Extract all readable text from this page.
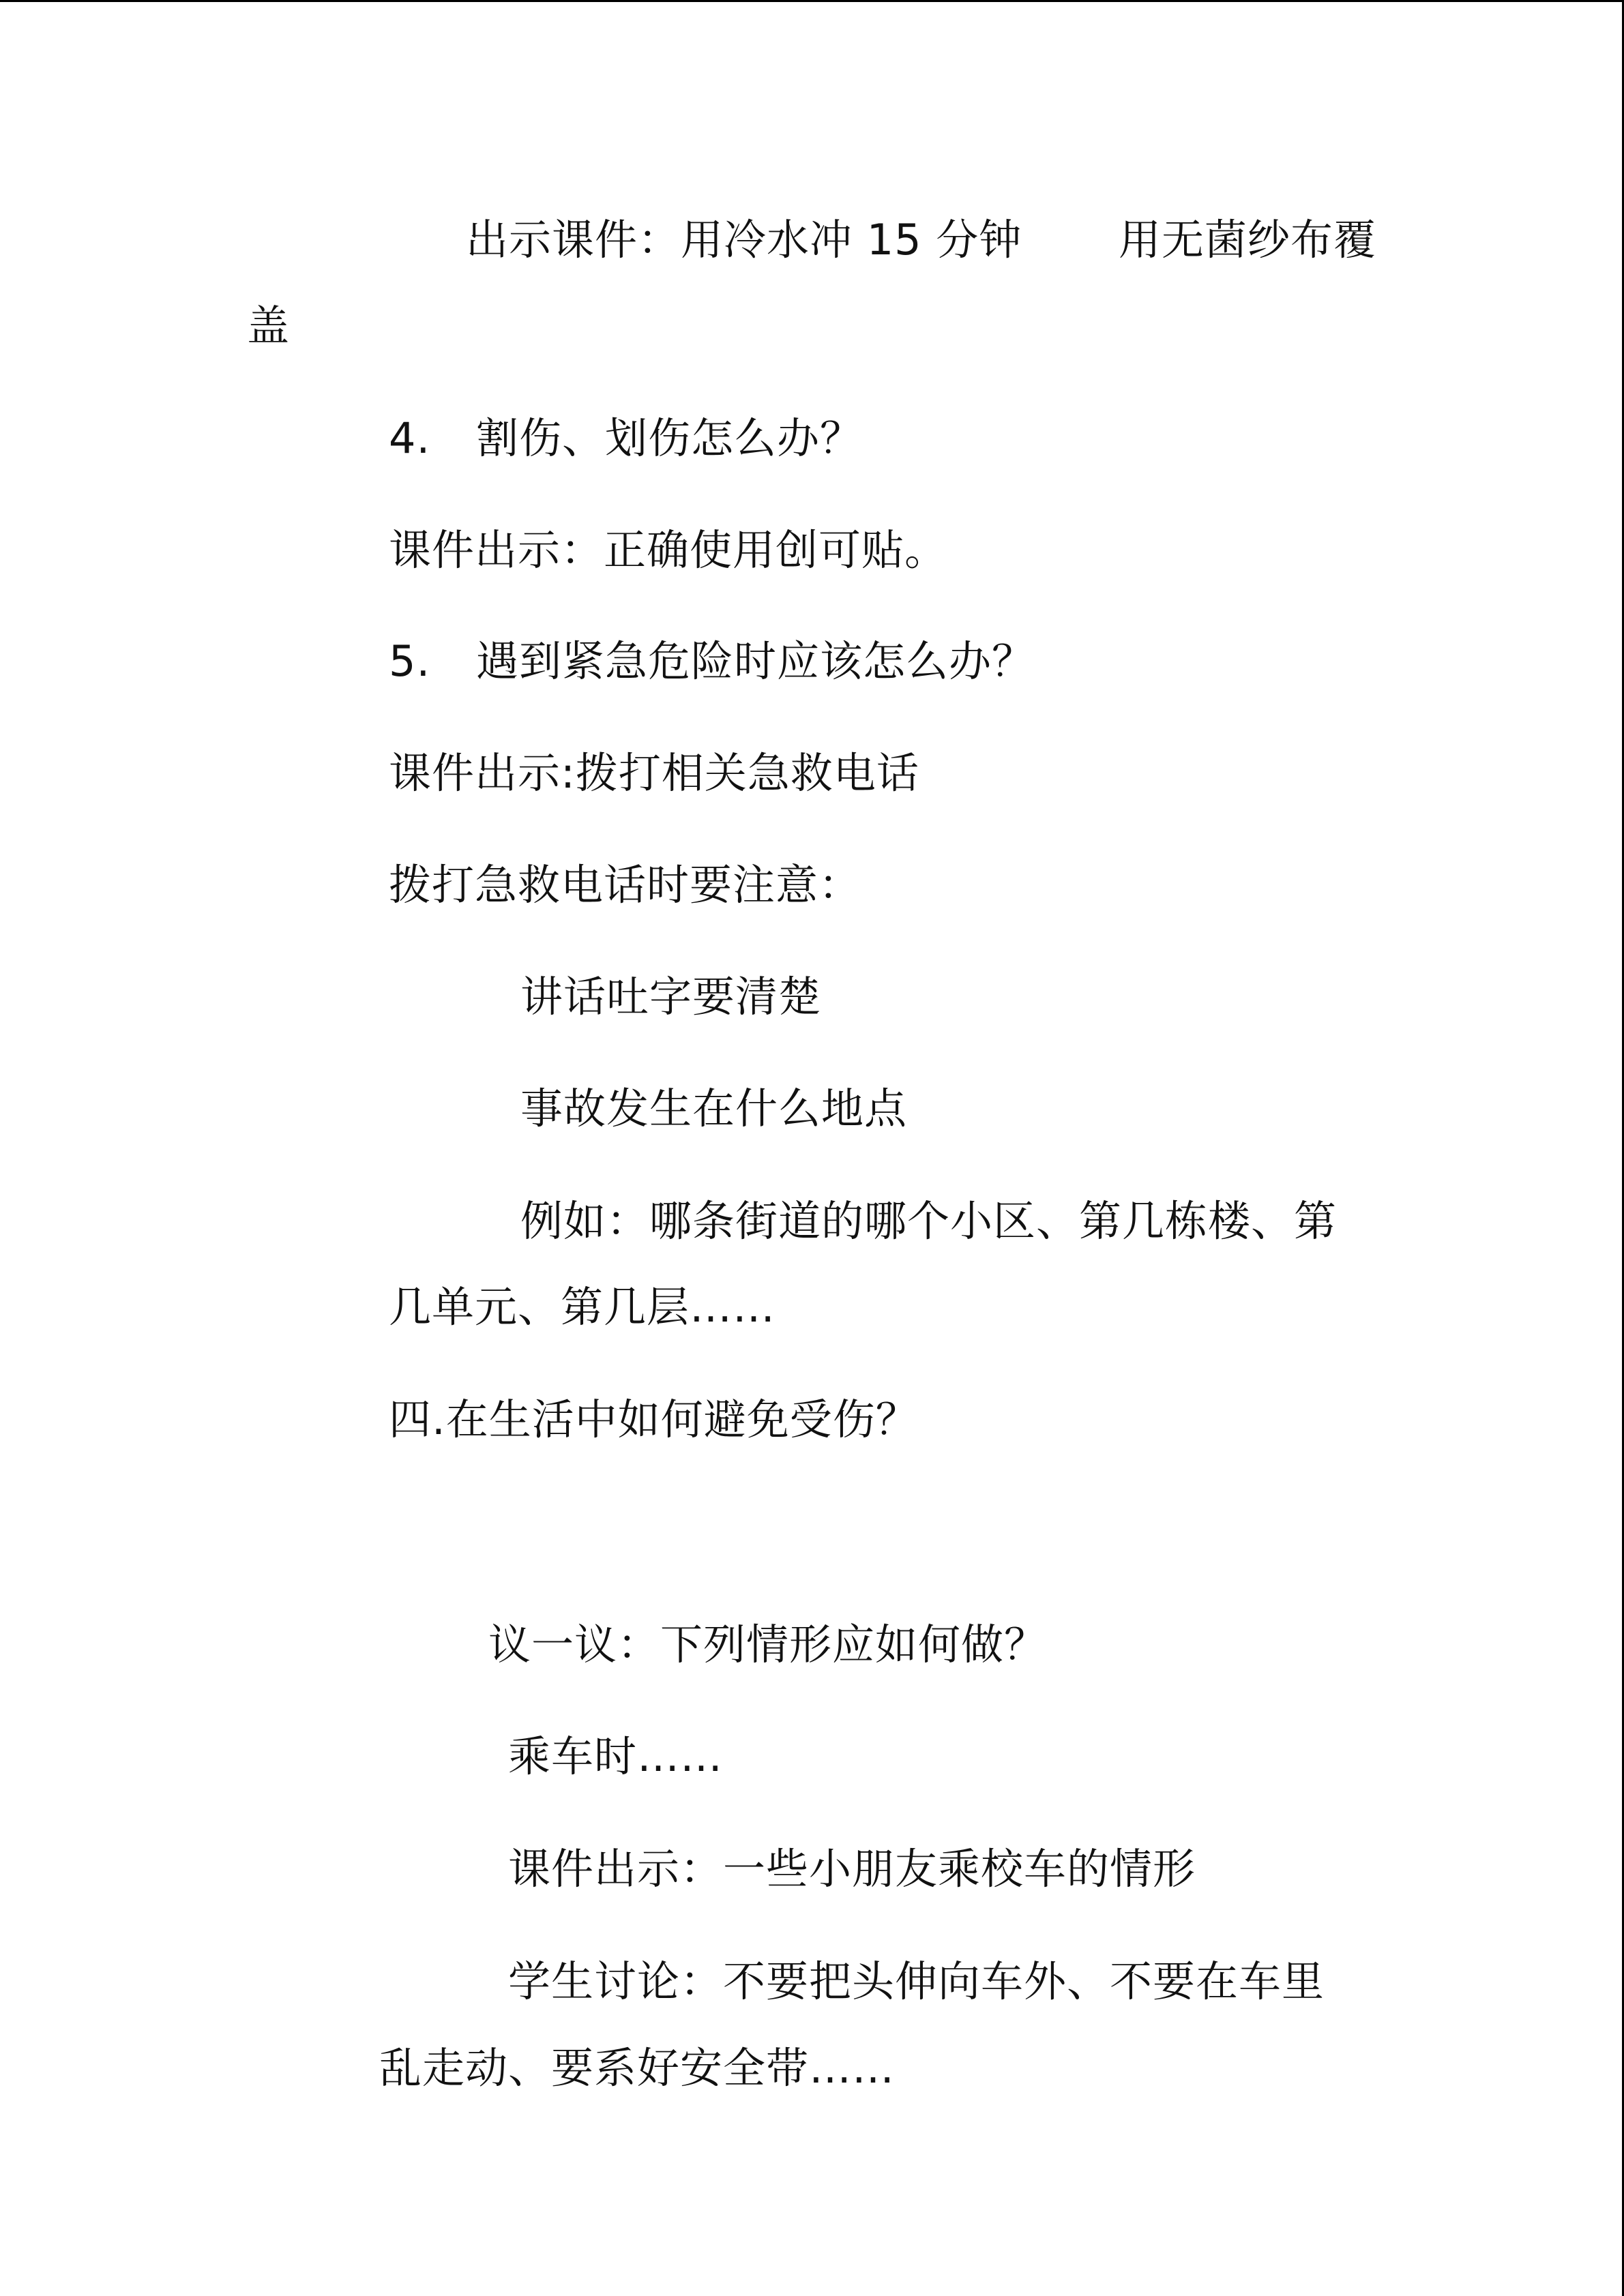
出示课件：用冷水冲 15 分钟 用无菌纱布覆
盖
4. 割伤、划伤怎么办？
课件出示：正确使用创可贴。
5. 遇到紧急危险时应该怎么办？
课件出示:拨打相关急救电话
拨打急救电话时要注意：
讲话吐字要清楚
事故发生在什么地点
例如：哪条街道的哪个小区、第几栋楼、第
几单元、第几层……
四.在生活中如何避免受伤？
议一议：下列情形应如何做？
乘车时……
课件出示：一些小朋友乘校车的情形
学生讨论：不要把头伸向车外、不要在车里
乱走动、要系好安全带……
